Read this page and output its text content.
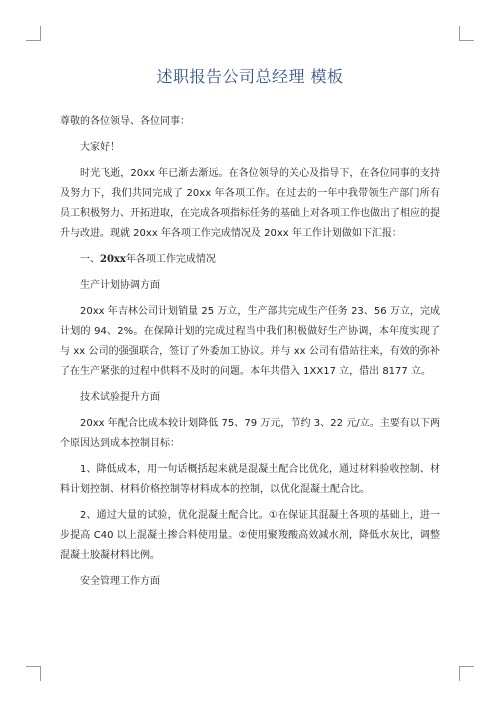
述职报告公司总经理 模板

尊敬的各位领导、各位同事：

大家好！

时光飞逝，20xx 年已渐去渐远。在各位领导的关心及指导下，在各位同事的支持及努力下，我们共同完成了 20xx 年各项工作。在过去的一年中我带领生产部门所有员工积极努力、开拓进取，在完成各项指标任务的基础上对各项工作也做出了相应的提升与改进。现就 20xx 年各项工作完成情况及 20xx 年工作计划做如下汇报：

一、20xx年各项工作完成情况

生产计划协调方面

20xx 年吉林公司计划销量 25 万立，生产部共完成生产任务 23、56 万立，完成计划的 94、2%。在保障计划的完成过程当中我们积极做好生产协调，本年度实现了与 xx 公司的强强联合，签订了外委加工协议。并与 xx 公司有借站往来，有效的弥补了在生产紧张的过程中供料不及时的问题。本年共借入 1XX17 立，借出 8177 立。

技术试验提升方面

20xx 年配合比成本较计划降低 75、79 万元，节约 3、22 元/立。主要有以下两个原因达到成本控制目标：

1、降低成本，用一句话概括起来就是混凝土配合比优化，通过材料验收控制、材料计划控制、材料价格控制等材料成本的控制，以优化混凝土配合比。

2、通过大量的试验，优化混凝土配合比。①在保证其混凝土各项的基础上，进一步提高 C40 以上混凝土掺合料使用量。②使用聚羧酸高效减水剂，降低水灰比，调整混凝土胶凝材料比例。

安全管理工作方面
